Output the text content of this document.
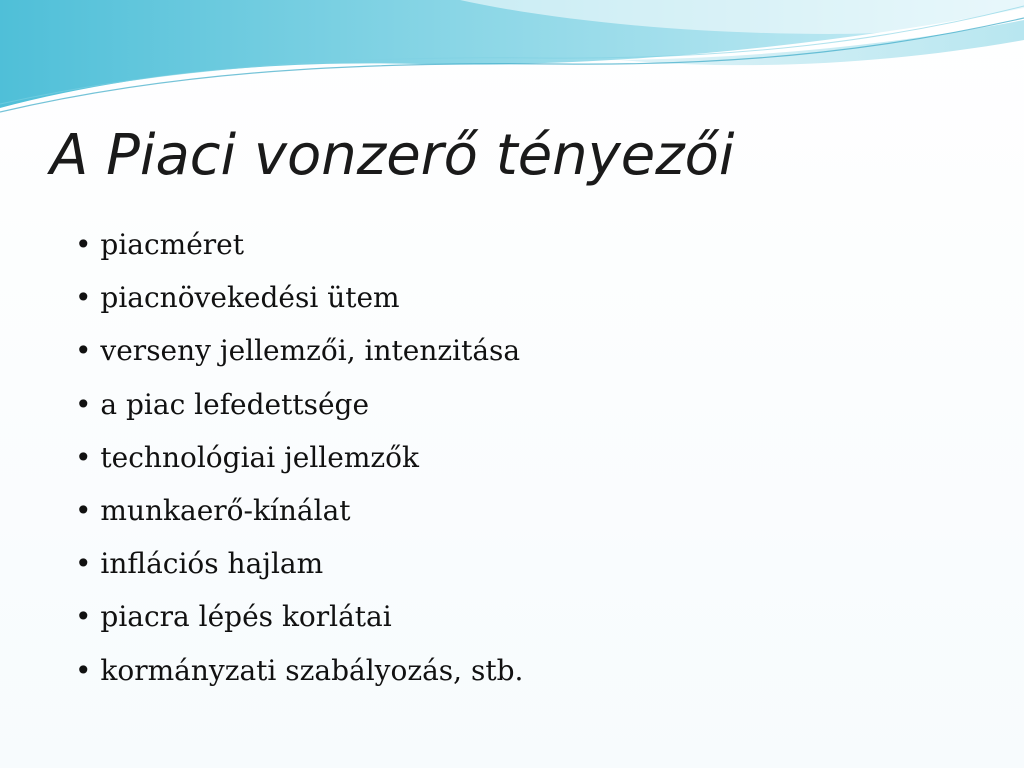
A Piaci vonzerő tényezői
• piacméret
• piacnövekedési ütem
• verseny jellemzői, intenzitása
• a piac lefedettsége
• technológiai jellemzők
• munkaerő-kínálat
• inflációs hajlam
• piacra lépés korlátai
• kormányzati szabályozás, stb.
